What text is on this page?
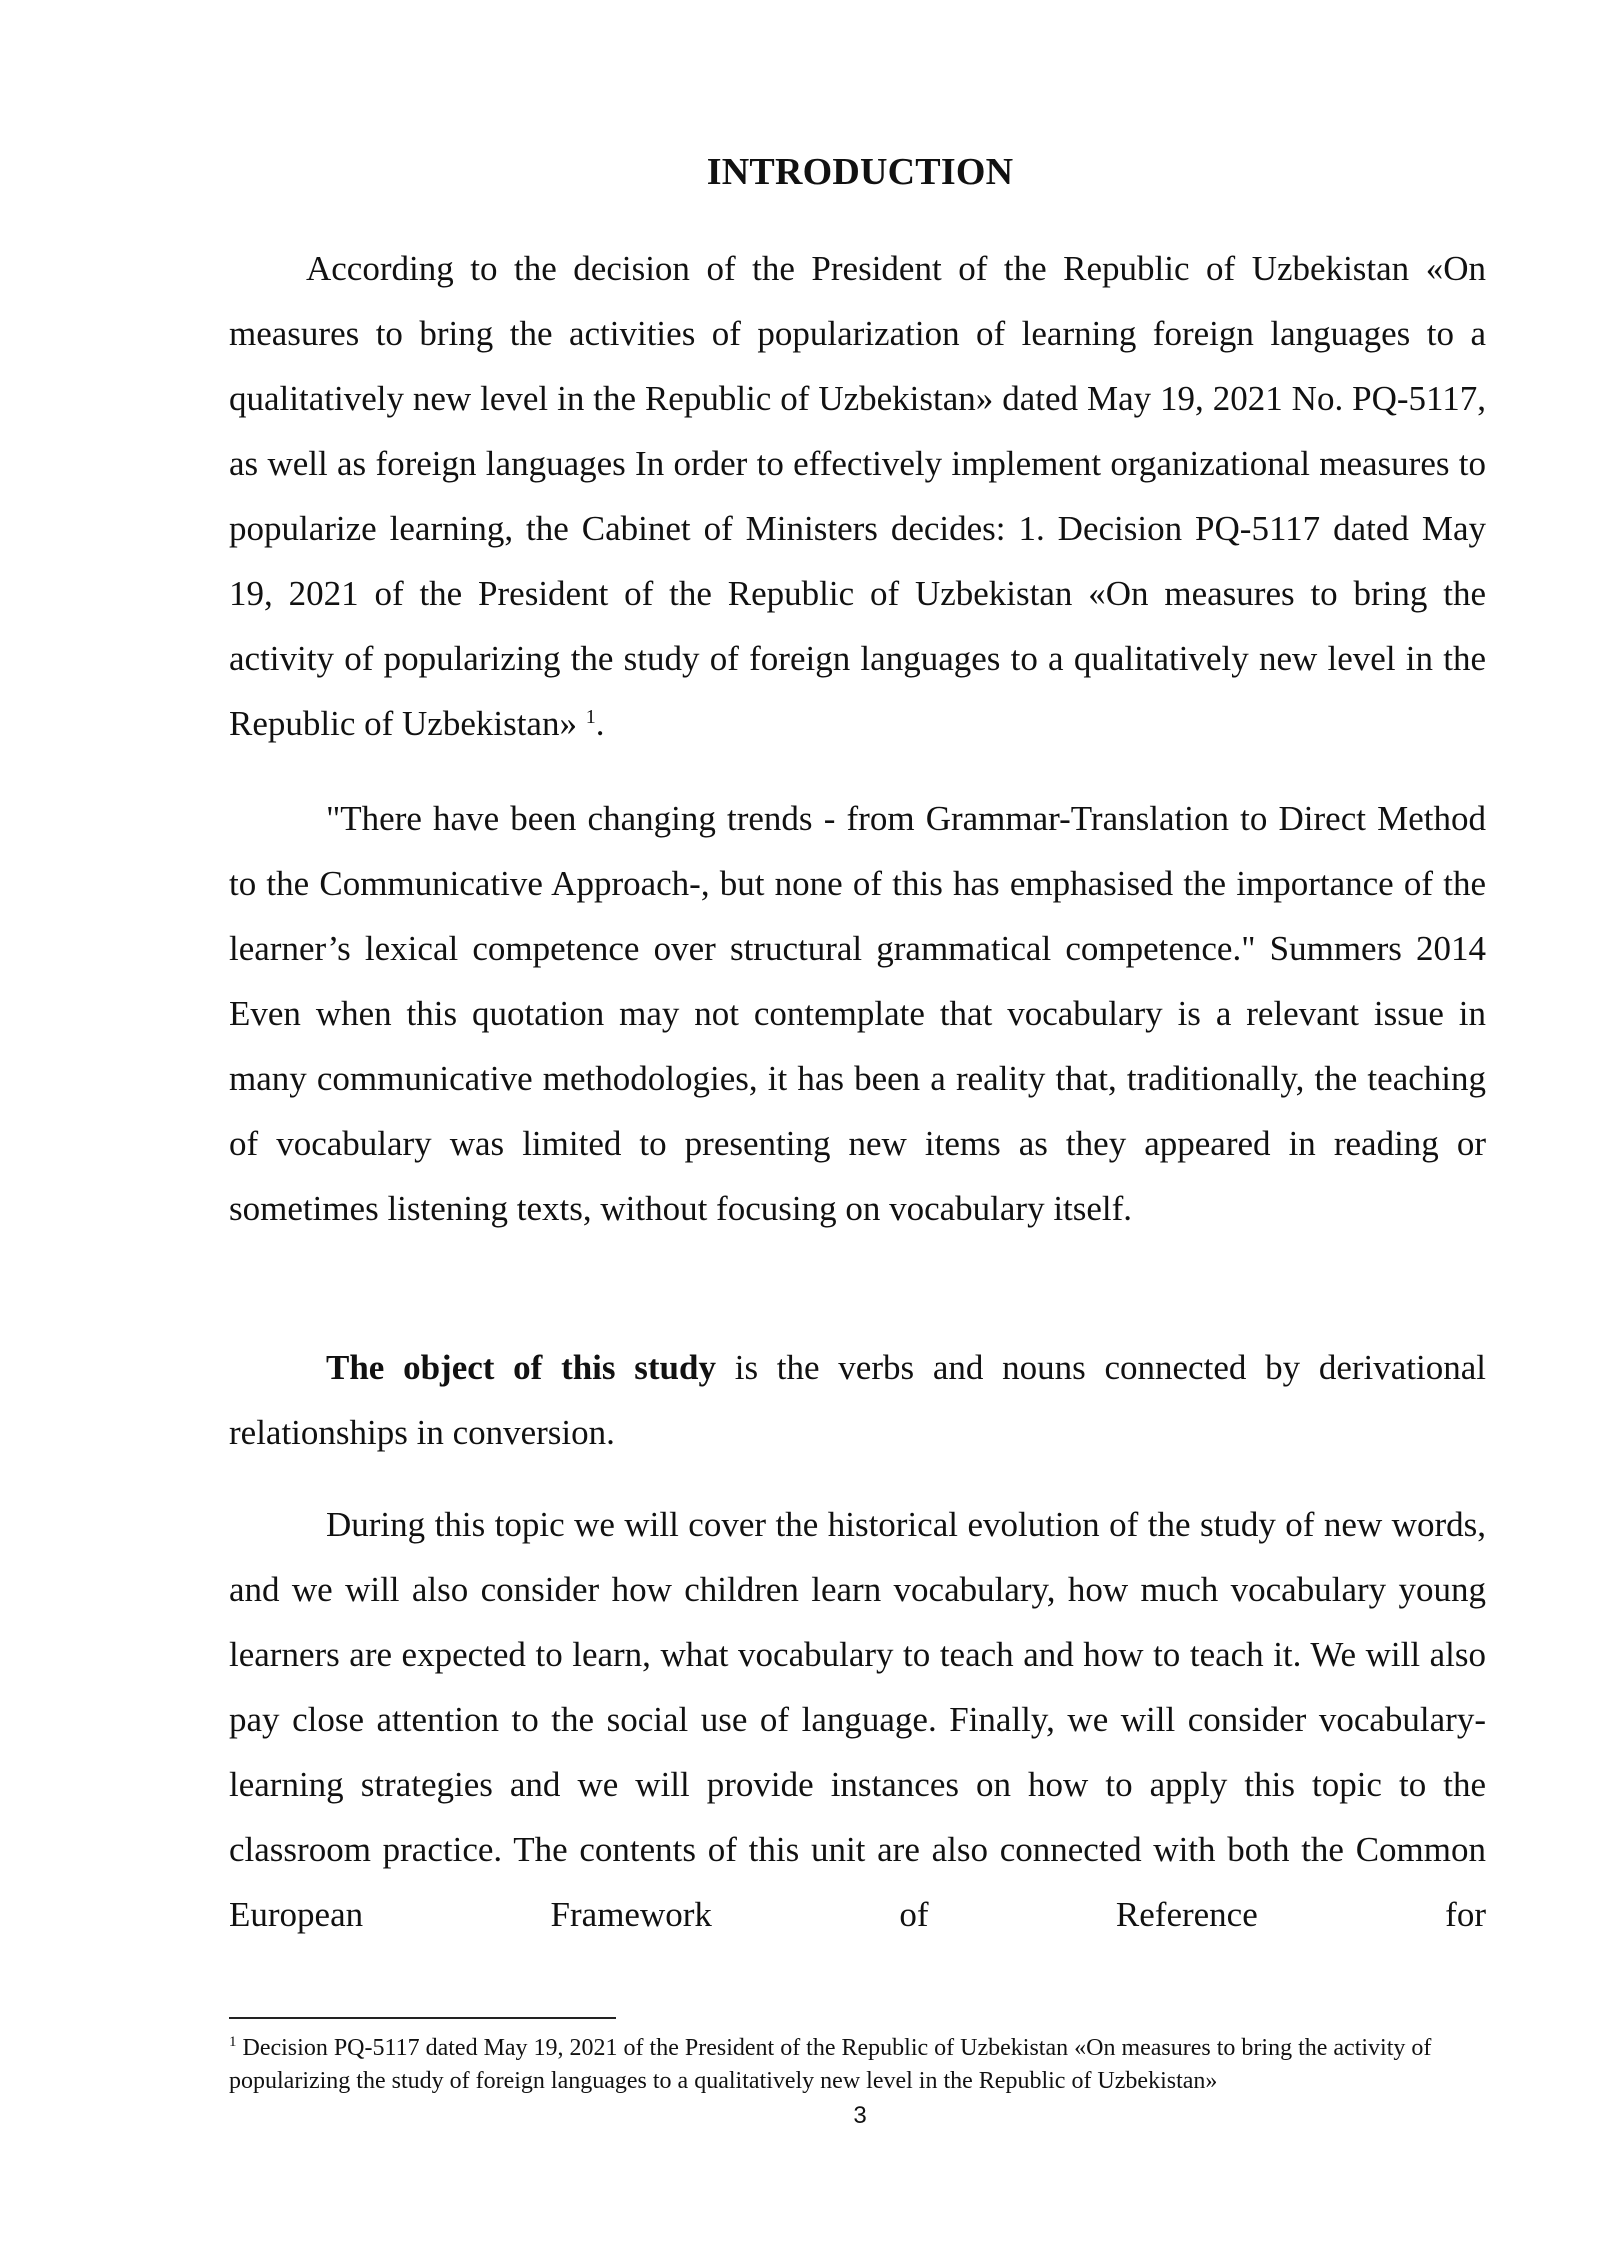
INTRODUCTION

According to the decision of the President of the Republic of Uzbekistan «On measures to bring the activities of popularization of learning foreign languages to a qualitatively new level in the Republic of Uzbekistan» dated May 19, 2021 No. PQ-5117, as well as foreign languages In order to effectively implement organizational measures to popularize learning, the Cabinet of Ministers decides: 1. Decision PQ-5117 dated May 19, 2021 of the President of the Republic of Uzbekistan «On measures to bring the activity of popularizing the study of foreign languages to a qualitatively new level in the Republic of Uzbekistan» $^1$.

"There have been changing trends - from Grammar-Translation to Direct Method to the Communicative Approach-, but none of this has emphasised the importance of the learner’s lexical competence over structural grammatical competence." Summers 2014 Even when this quotation may not contemplate that vocabulary is a relevant issue in many communicative methodologies, it has been a reality that, traditionally, the teaching of vocabulary was limited to presenting new items as they appeared in reading or sometimes listening texts, without focusing on vocabulary itself.

The object of this study is the verbs and nouns connected by derivational relationships in conversion.

During this topic we will cover the historical evolution of the study of new words, and we will also consider how children learn vocabulary, how much vocabulary young learners are expected to learn, what vocabulary to teach and how to teach it. We will also pay close attention to the social use of language. Finally, we will consider vocabulary-learning strategies and we will provide instances on how to apply this topic to the classroom practice. The contents of this unit are also connected with both the Common European Framework of Reference for

$^1$ Decision PQ-5117 dated May 19, 2021 of the President of the Republic of Uzbekistan «On measures to bring the activity of popularizing the study of foreign languages to a qualitatively new level in the Republic of Uzbekistan»
3
